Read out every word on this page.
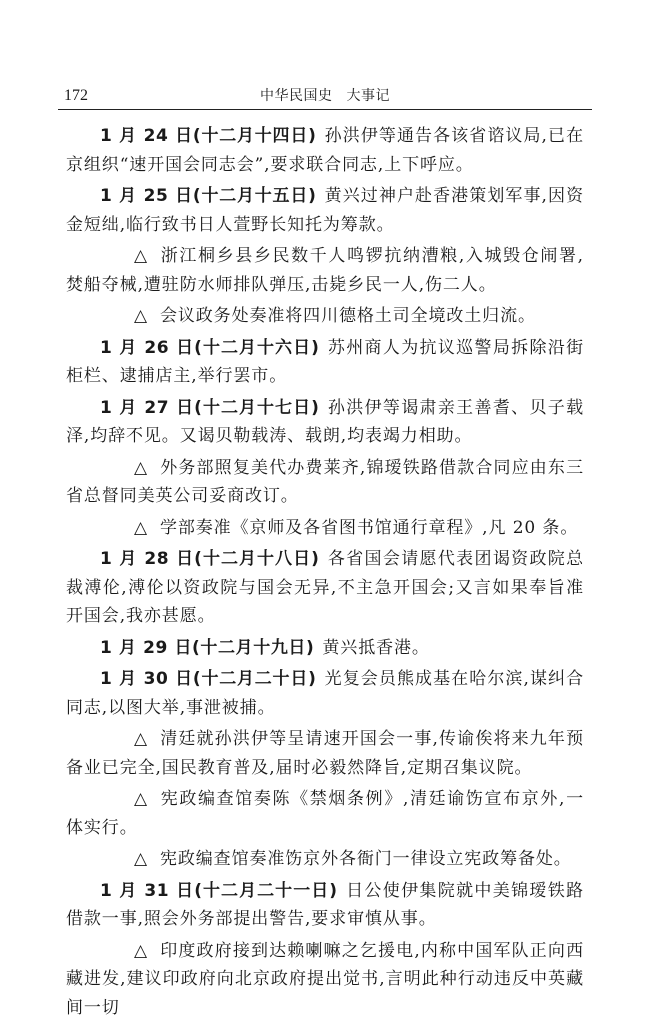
172	中华民国史 大事记

1 月 24 日(十二月十四日) 孙洪伊等通告各该省谘议局,已在京组织“速开国会同志会”,要求联合同志,上下呼应。

1 月 25 日(十二月十五日) 黄兴过神户赴香港策划军事,因资金短绌,临行致书日人萱野长知托为筹款。

△ 浙江桐乡县乡民数千人鸣锣抗纳漕粮,入城毁仓闹署,焚船夺械,遭驻防水师排队弹压,击毙乡民一人,伤二人。

△ 会议政务处奏准将四川德格土司全境改土归流。

1 月 26 日(十二月十六日) 苏州商人为抗议巡警局拆除沿街柜栏、逮捕店主,举行罢市。

1 月 27 日(十二月十七日) 孙洪伊等谒肃亲王善耆、贝子载泽,均辞不见。又谒贝勒载涛、载朗,均表竭力相助。

△ 外务部照复美代办费莱齐,锦瑷铁路借款合同应由东三省总督同美英公司妥商改订。

△ 学部奏准《京师及各省图书馆通行章程》,凡 20 条。

1 月 28 日(十二月十八日) 各省国会请愿代表团谒资政院总裁溥伦,溥伦以资政院与国会无异,不主急开国会;又言如果奉旨准开国会,我亦甚愿。

1 月 29 日(十二月十九日) 黄兴抵香港。

1 月 30 日(十二月二十日) 光复会员熊成基在哈尔滨,谋纠合同志,以图大举,事泄被捕。

△ 清廷就孙洪伊等呈请速开国会一事,传谕俟将来九年预备业已完全,国民教育普及,届时必毅然降旨,定期召集议院。

△ 宪政编查馆奏陈《禁烟条例》,清廷谕饬宣布京外,一体实行。

△ 宪政编查馆奏准饬京外各衙门一律设立宪政筹备处。

1 月 31 日(十二月二十一日) 日公使伊集院就中美锦瑷铁路借款一事,照会外务部提出警告,要求审慎从事。

△ 印度政府接到达赖喇嘛之乞援电,内称中国军队正向西藏进发,建议印政府向北京政府提出觉书,言明此种行动违反中英藏间一切
